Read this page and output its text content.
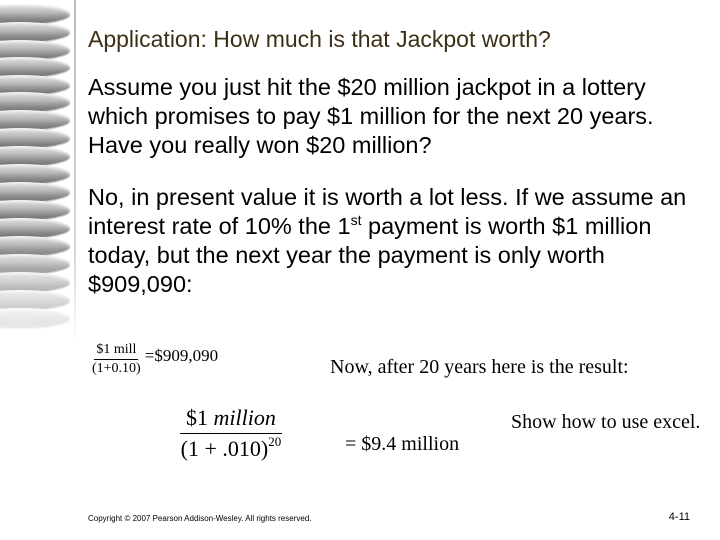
Application: How much is that Jackpot worth?
Assume you just hit the $20 million jackpot in a lottery which promises to pay $1 million for the next 20 years. Have you really won $20 million?
No, in present value it is worth a lot less. If we assume an interest rate of 10% the 1st payment is worth $1 million today, but the next year the payment is only worth $909,090:
$\frac{\text{\$1 mill}}{(1+0.10)}$ =$909,090
Now, after 20 years here is the result:
$1 million
$(1 + .010)^{20}$	= $9.4 million
Show how to use excel.
Copyright © 2007 Pearson Addison-Wesley. All rights reserved.	4-11
